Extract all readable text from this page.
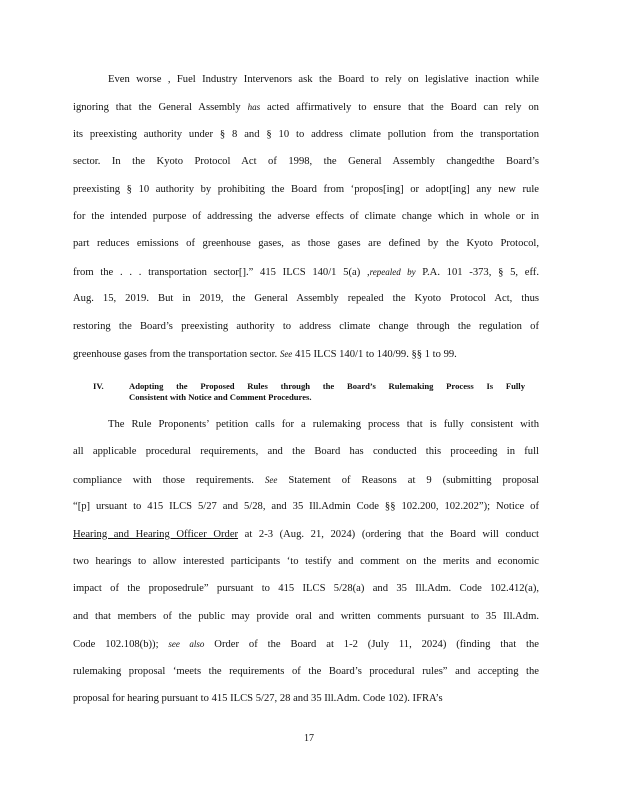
Even worse , Fuel Industry Intervenors ask the Board to rely on legislative inaction while
ignoring that the General Assembly has acted affirmatively to ensure that the Board can rely on
its preexisting authority under § 8 and § 10 to address climate pollution from the transportation
sector. In the Kyoto Protocol Act of 1998, the General Assembly changedthe Board’s
preexisting § 10 authority by prohibiting the Board from ‘propos[ing] or adopt[ing] any new rule
for the intended purpose of addressing the adverse effects of climate change which in whole or in
part reduces emissions of greenhouse gases, as those gases are defined by the Kyoto Protocol,
from the . . . transportation sector[].” 415 ILCS 140/1 5(a) ,repealed by P.A. 101 -373, § 5, eff.
Aug. 15, 2019. But in 2019, the General Assembly repealed the Kyoto Protocol Act, thus
restoring the Board’s preexisting authority to address climate change through the regulation of
greenhouse gases from the transportation sector. See 415 ILCS 140/1 to 140/99. §§ 1 to 99.
IV.	Adopting the Proposed Rules through the Board’s Rulemaking Process Is Fully
Consistent with Notice and Comment Procedures.
The Rule Proponents’ petition calls for a rulemaking process that is fully consistent with
all applicable procedural requirements, and the Board has conducted this proceeding in full
compliance with those requirements. See Statement of Reasons at 9 (submitting proposal
“[p] ursuant to 415 ILCS 5/27 and 5/28, and 35 Ill.Admin Code §§ 102.200, 102.202”); Notice of
Hearing and Hearing Officer Order at 2-3 (Aug. 21, 2024) (ordering that the Board will conduct
two hearings to allow interested participants ‘to testify and comment on the merits and economic
impact of the proposedrule” pursuant to 415 ILCS 5/28(a) and 35 Ill.Adm. Code 102.412(a),
and that members of the public may provide oral and written comments pursuant to 35 Ill.Adm.
Code 102.108(b)); see also Order of the Board at 1-2 (July 11, 2024) (finding that the
rulemaking proposal ‘meets the requirements of the Board’s procedural rules” and accepting the
proposal for hearing pursuant to 415 ILCS 5/27, 28 and 35 Ill.Adm. Code 102). IFRA’s
17
